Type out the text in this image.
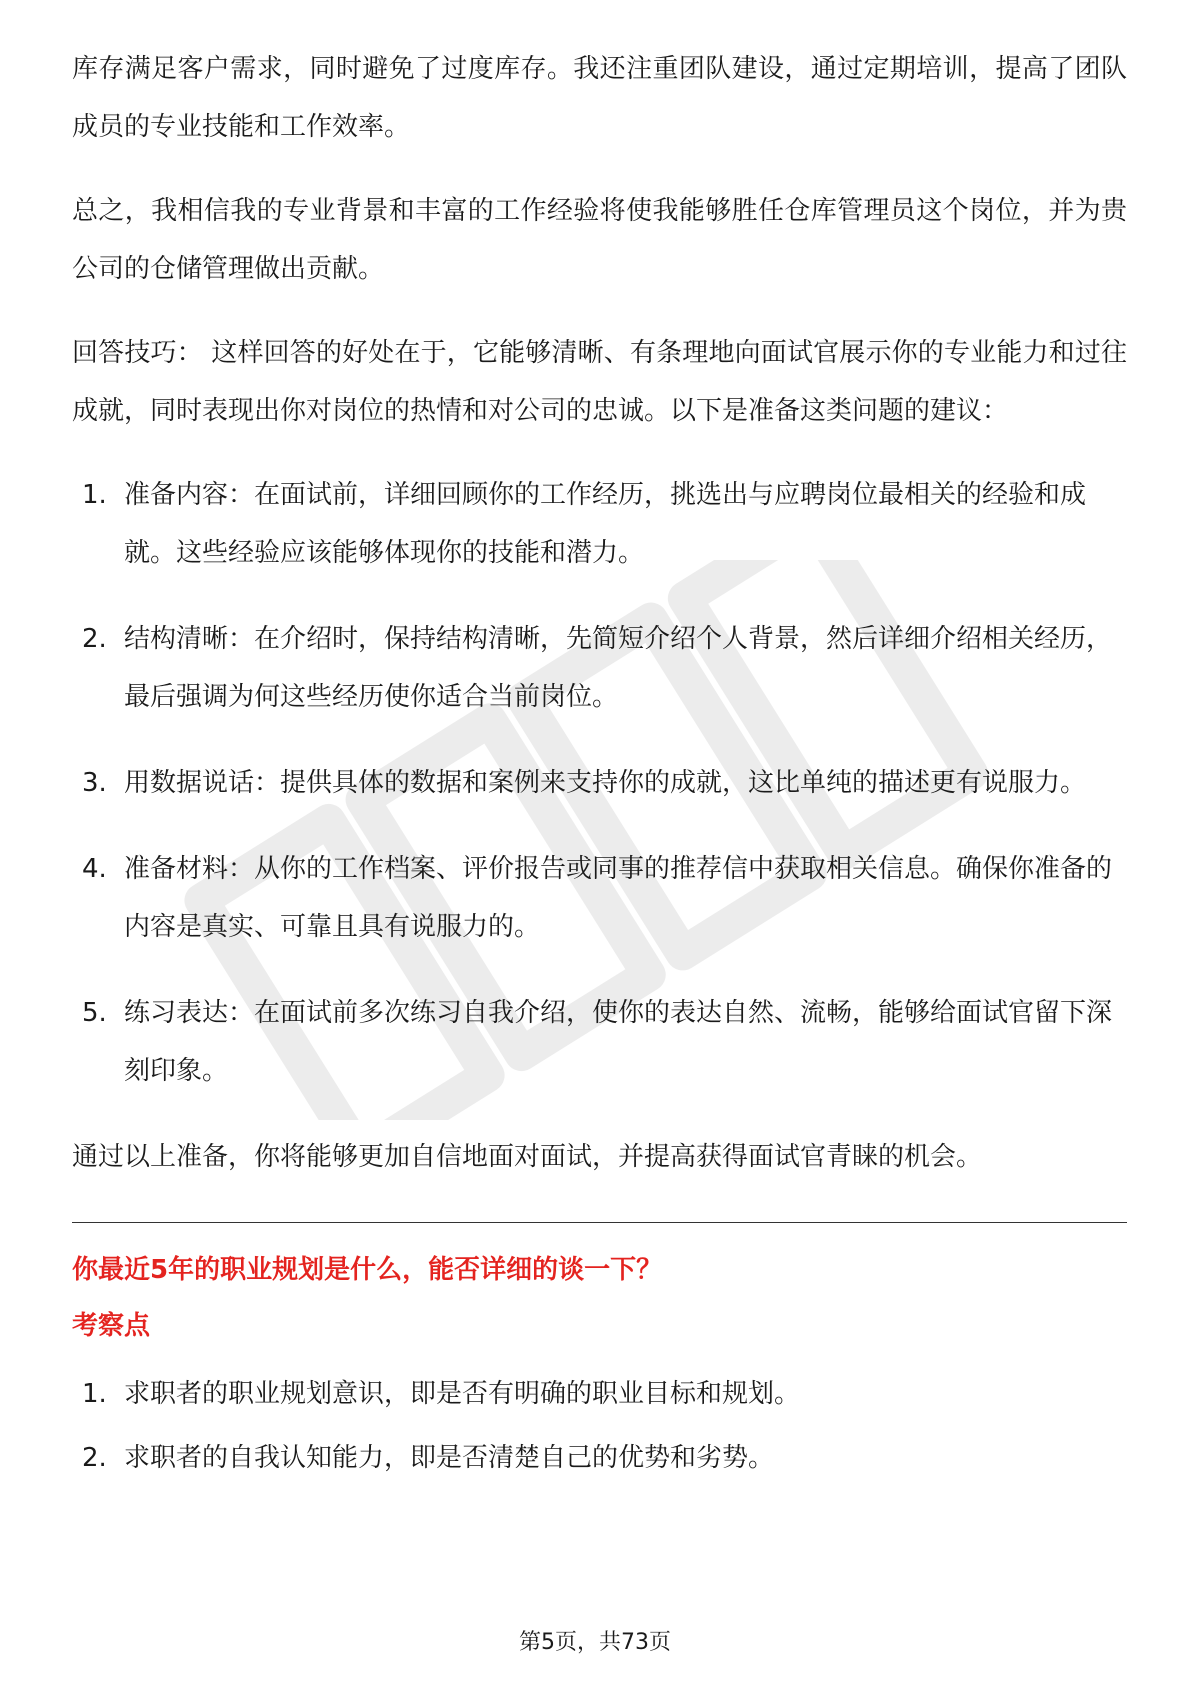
库存满足客户需求，同时避免了过度库存。我还注重团队建设，通过定期培训，提高了团队成员的专业技能和工作效率。

总之，我相信我的专业背景和丰富的工作经验将使我能够胜任仓库管理员这个岗位，并为贵公司的仓储管理做出贡献。

回答技巧： 这样回答的好处在于，它能够清晰、有条理地向面试官展示你的专业能力和过往成就，同时表现出你对岗位的热情和对公司的忠诚。以下是准备这类问题的建议：

1. 准备内容：在面试前，详细回顾你的工作经历，挑选出与应聘岗位最相关的经验和成就。这些经验应该能够体现你的技能和潜力。
2. 结构清晰：在介绍时，保持结构清晰，先简短介绍个人背景，然后详细介绍相关经历，最后强调为何这些经历使你适合当前岗位。
3. 用数据说话：提供具体的数据和案例来支持你的成就，这比单纯的描述更有说服力。
4. 准备材料：从你的工作档案、评价报告或同事的推荐信中获取相关信息。确保你准备的内容是真实、可靠且具有说服力的。
5. 练习表达：在面试前多次练习自我介绍，使你的表达自然、流畅，能够给面试官留下深刻印象。

通过以上准备，你将能够更加自信地面对面试，并提高获得面试官青睐的机会。

你最近5年的职业规划是什么，能否详细的谈一下？

考察点

1. 求职者的职业规划意识，即是否有明确的职业目标和规划。
2. 求职者的自我认知能力，即是否清楚自己的优势和劣势。
第5页，共73页
